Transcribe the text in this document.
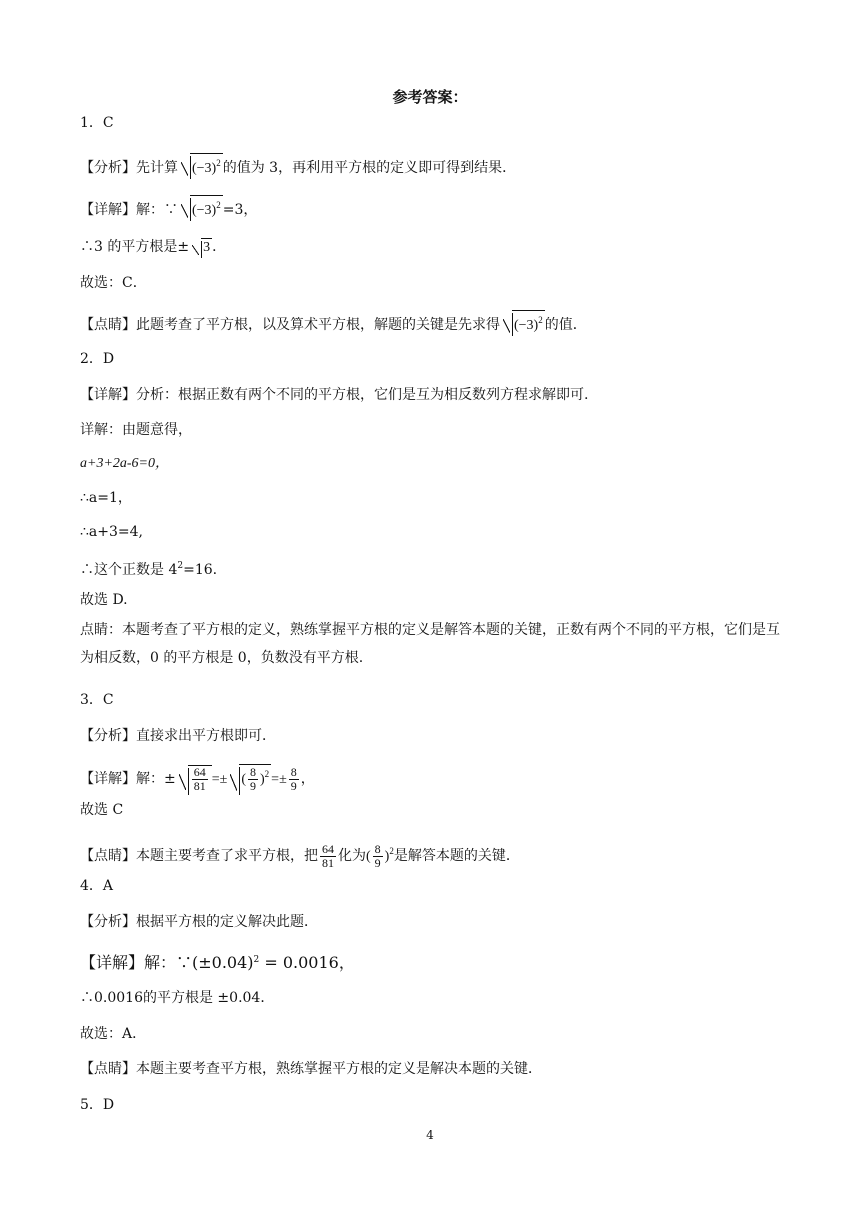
参考答案：
1．C
【分析】先计算 $(-3)^2$ 的值为 3，再利用平方根的定义即可得到结果．
【详解】解：∵ $(-3)^2 =3$，
∴3 的平方根是± 3 ．
故选：C．
【点睛】此题考查了平方根，以及算术平方根，解题的关键是先求得 $(-3)^2$ 的值．
2．D
【详解】分析：根据正数有两个不同的平方根，它们是互为相反数列方程求解即可.
详解：由题意得，
a+3+2a-6=0，
∴a=1，
∴a+3=4,
∴这个正数是 $4^2=16$.
故选 D.
点睛：本题考查了平方根的定义，熟练掌握平方根的定义是解答本题的关键，正数有两个不同的平方根，它们是互为相反数，0 的平方根是 0，负数没有平方根.
3．C
【分析】直接求出平方根即可．
【详解】解：± $\frac{64}{81}$ =± ( $\frac{8}{9} )^2 =\pm \frac{8}{9}$ ，
故选 C
【点睛】本题主要考查了求平方根，把 $\frac{64}{81}$ 化为( $\frac{8}{9} )^2$是解答本题的关键．
4．A
【分析】根据平方根的定义解决此题．
【详解】解：$\because(\pm 0.04)^2 = 0.0016$，
∴0.0016的平方根是 ±0.04．
故选：A．
【点睛】本题主要考查平方根，熟练掌握平方根的定义是解决本题的关键．
5．D
4
